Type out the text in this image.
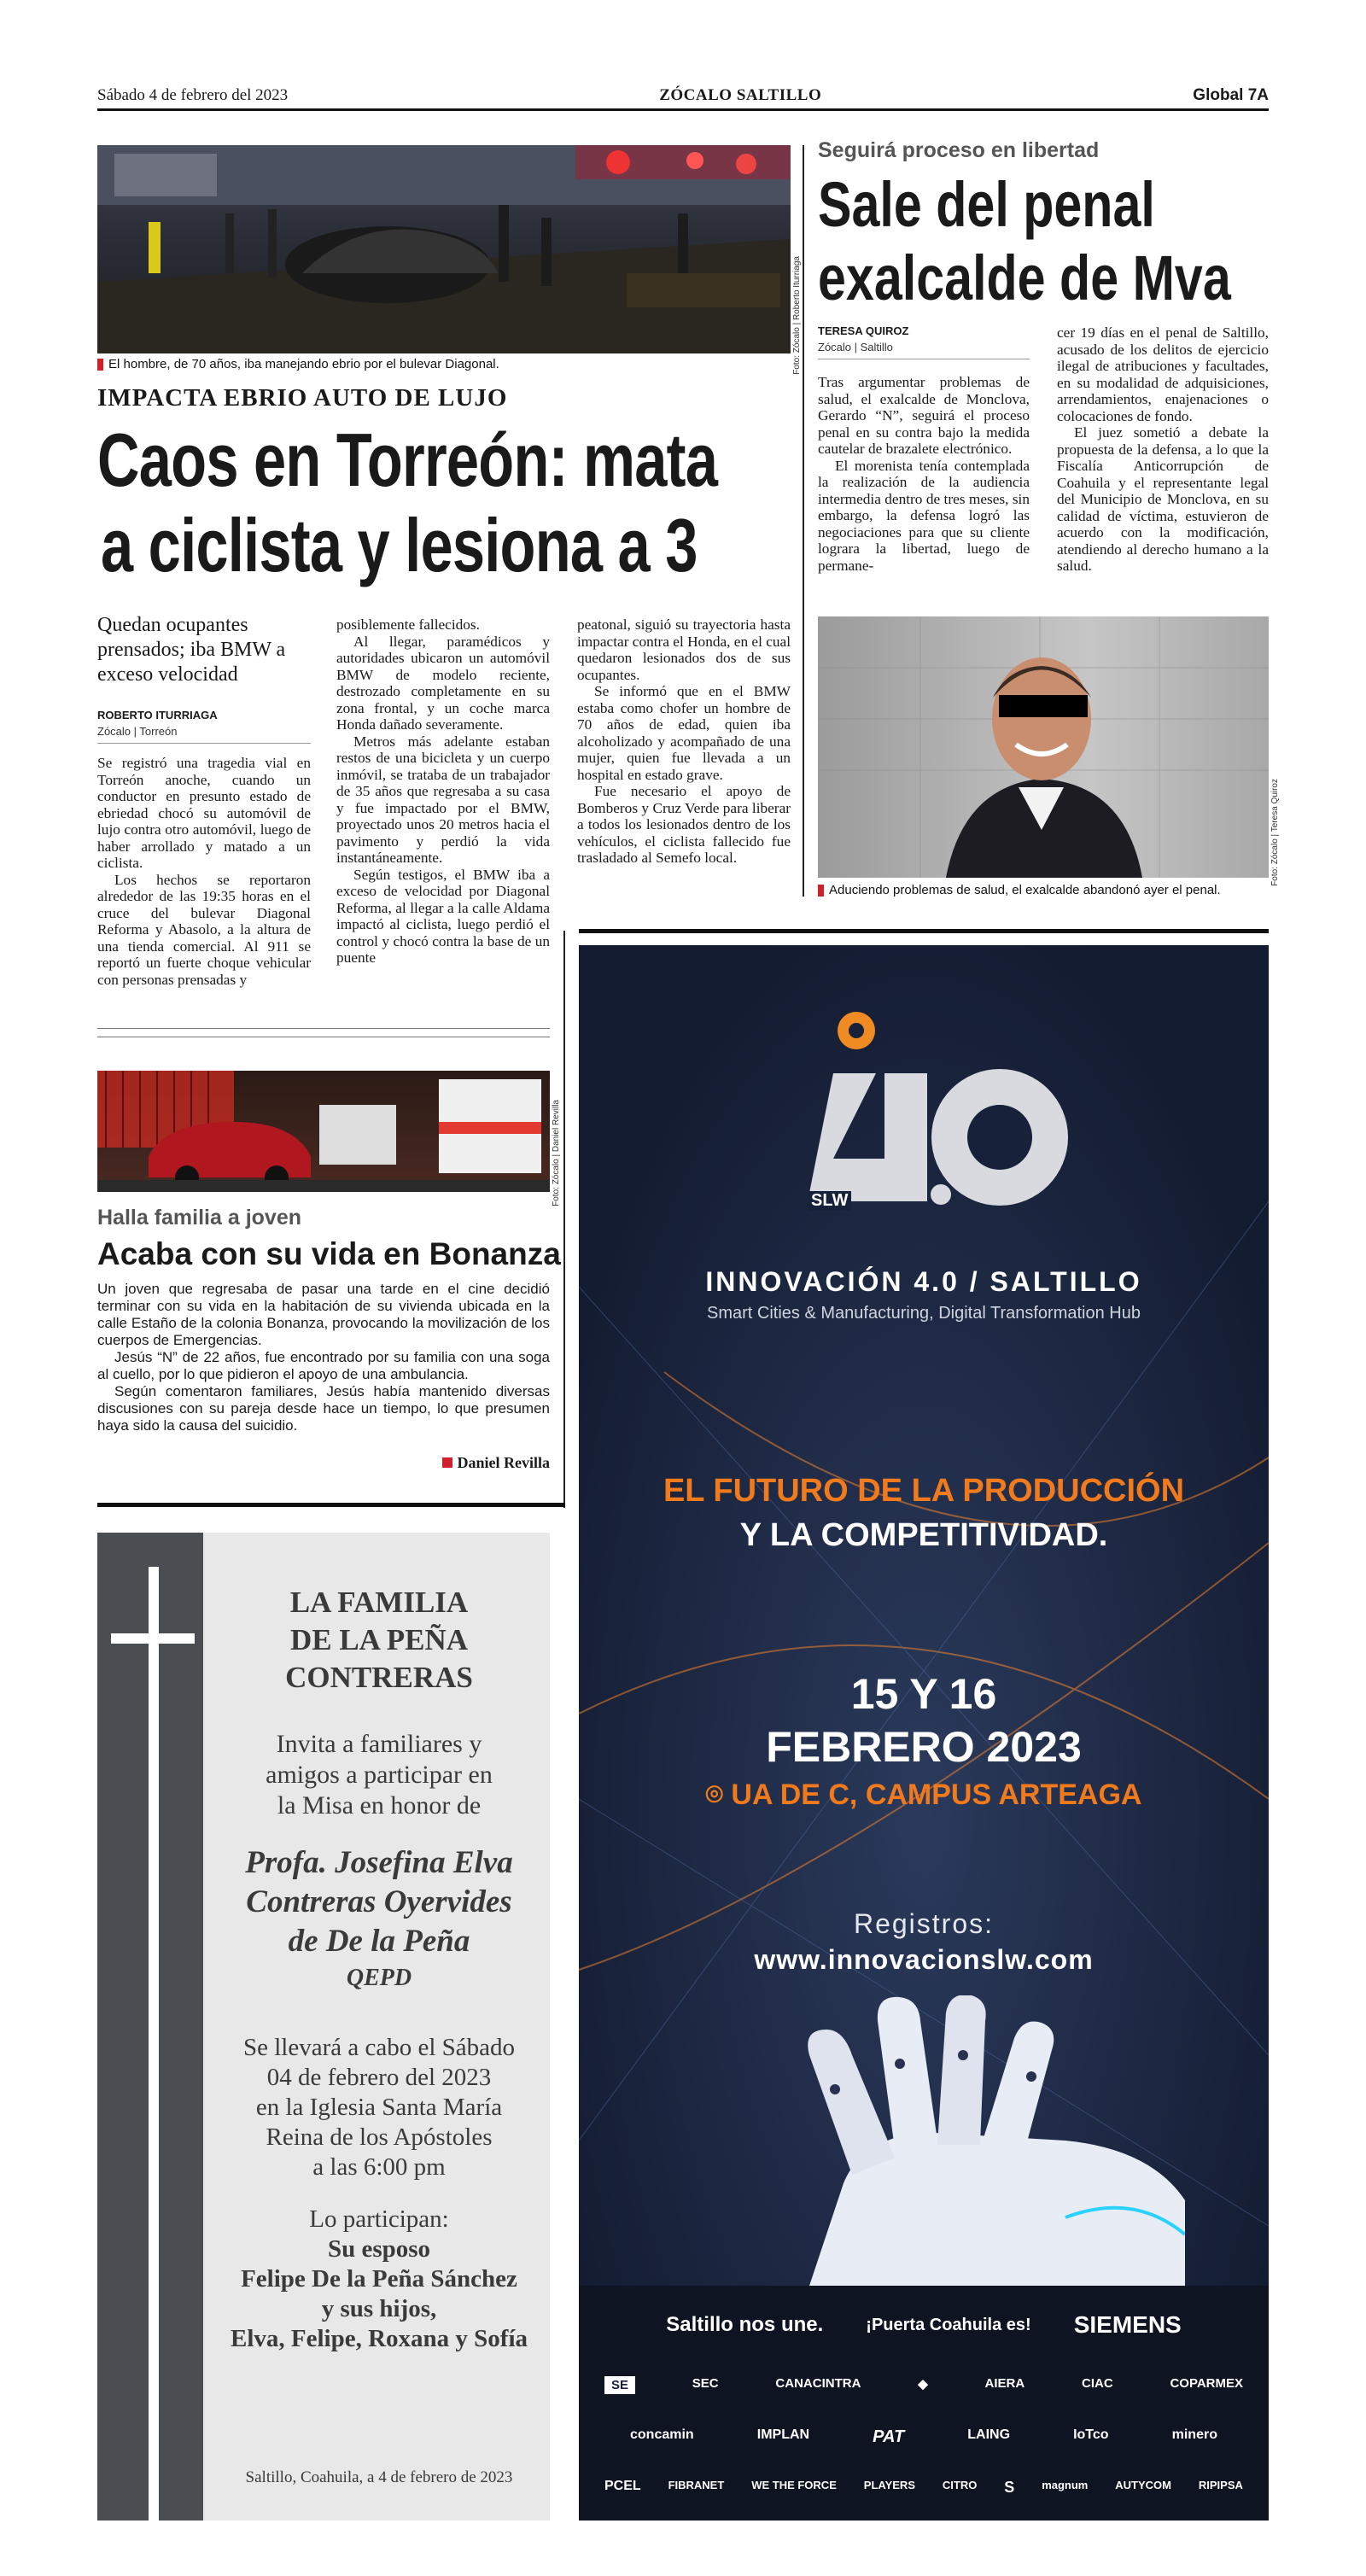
Sábado 4 de febrero del 2023	ZÓCALO SALTILLO	Global 7A
Foto: Zócalo | Roberto Iturriaga
El hombre, de 70 años, iba manejando ebrio por el bulevar Diagonal.
IMPACTA EBRIO AUTO DE LUJO
Caos en Torreón: mata
a ciclista y lesiona a 3
Quedan ocupantes prensados; iba BMW a exceso velocidad
ROBERTO ITURRIAGA
Zócalo | Torreón

Se registró una tragedia vial en Torreón anoche, cuando un conductor en presunto estado de ebriedad chocó su automóvil de lujo contra otro automóvil, luego de haber arrollado y matado a un ciclista.

Los hechos se reportaron alrededor de las 19:35 horas en el cruce del bulevar Diagonal Reforma y Abasolo, a la altura de una tienda comercial. Al 911 se reportó un fuerte choque vehicular con personas prensadas y

posiblemente fallecidos.

Al llegar, paramédicos y autoridades ubicaron un automóvil BMW de modelo reciente, destrozado completamente en su zona frontal, y un coche marca Honda dañado severamente.

Metros más adelante estaban restos de una bicicleta y un cuerpo inmóvil, se trataba de un trabajador de 35 años que regresaba a su casa y fue impactado por el BMW, proyectado unos 20 metros hacia el pavimento y perdió la vida instantáneamente.

Según testigos, el BMW iba a exceso de velocidad por Diagonal Reforma, al llegar a la calle Aldama impactó al ciclista, luego perdió el control y chocó contra la base de un puente

peatonal, siguió su trayectoria hasta impactar contra el Honda, en el cual quedaron lesionados dos de sus ocupantes.

Se informó que en el BMW estaba como chofer un hombre de 70 años de edad, quien iba alcoholizado y acompañado de una mujer, quien fue llevada a un hospital en estado grave.

Fue necesario el apoyo de Bomberos y Cruz Verde para liberar a todos los lesionados dentro de los vehículos, el ciclista fallecido fue trasladado al Semefo local.

Seguirá proceso en libertad
Sale del penal
exalcalde de Mva
TERESA QUIROZ
Zócalo | Saltillo

Tras argumentar problemas de salud, el exalcalde de Monclova, Gerardo “N”, seguirá el proceso penal en su contra bajo la medida cautelar de brazalete electrónico.

El morenista tenía contemplada la realización de la audiencia intermedia dentro de tres meses, sin embargo, la defensa logró las negociaciones para que su cliente lograra la libertad, luego de permane-

cer 19 días en el penal de Saltillo, acusado de los delitos de ejercicio ilegal de atribuciones y facultades, en su modalidad de adquisiciones, arrendamientos, enajenaciones o colocaciones de fondo.

El juez sometió a debate la propuesta de la defensa, a lo que la Fiscalía Anticorrupción de Coahuila y el representante legal del Municipio de Monclova, en su calidad de víctima, estuvieron de acuerdo con la modificación, atendiendo al derecho humano a la salud.

Foto: Zócalo | Teresa Quiroz
Aduciendo problemas de salud, el exalcalde abandonó ayer el penal.
Foto: Zócalo | Daniel Revilla
Halla familia a joven
Acaba con su vida en Bonanza

Un joven que regresaba de pasar una tarde en el cine decidió terminar con su vida en la habitación de su vivienda ubicada en la calle Estaño de la colonia Bonanza, provocando la movilización de los cuerpos de Emergencias.

Jesús “N” de 22 años, fue encontrado por su familia con una soga al cuello, por lo que pidieron el apoyo de una ambulancia.

Según comentaron familiares, Jesús había mantenido diversas discusiones con su pareja desde hace un tiempo, lo que presumen haya sido la causa del suicidio.

Daniel Revilla
LA FAMILIA
DE LA PEÑA
CONTRERAS
Invita a familiares y
amigos a participar en
la Misa en honor de
Profa. Josefina Elva
Contreras Oyervides
de De la Peña
QEPD
Se llevará a cabo el Sábado
04 de febrero del 2023
en la Iglesia Santa María
Reina de los Apóstoles
a las 6:00 pm
Lo participan:
Su esposo
Felipe De la Peña Sánchez
y sus hijos,
Elva, Felipe, Roxana y Sofía
Saltillo, Coahuila, a 4 de febrero de 2023
SLW
INNOVACIÓN 4.0 / SALTILLO
Smart Cities & Manufacturing, Digital Transformation Hub
EL FUTURO DE LA PRODUCCIÓN
Y LA COMPETITIVIDAD.
15 Y 16
FEBRERO 2023
⌾ UA DE C, CAMPUS ARTEAGA
Registros:
www.innovacionslw.com
Saltillo nos une.	¡Puerta Coahuila es! SIEMENS
SE	SEC	CANACINTRA	◆	AIERA	CIAC	COPARMEX
concamin	IMPLAN	PAT	LAING	IoTco	minero
PCEL FIBRANET WE THE FORCE PLAYERS CITRO S magnum AUTYCOM RIPIPSA
